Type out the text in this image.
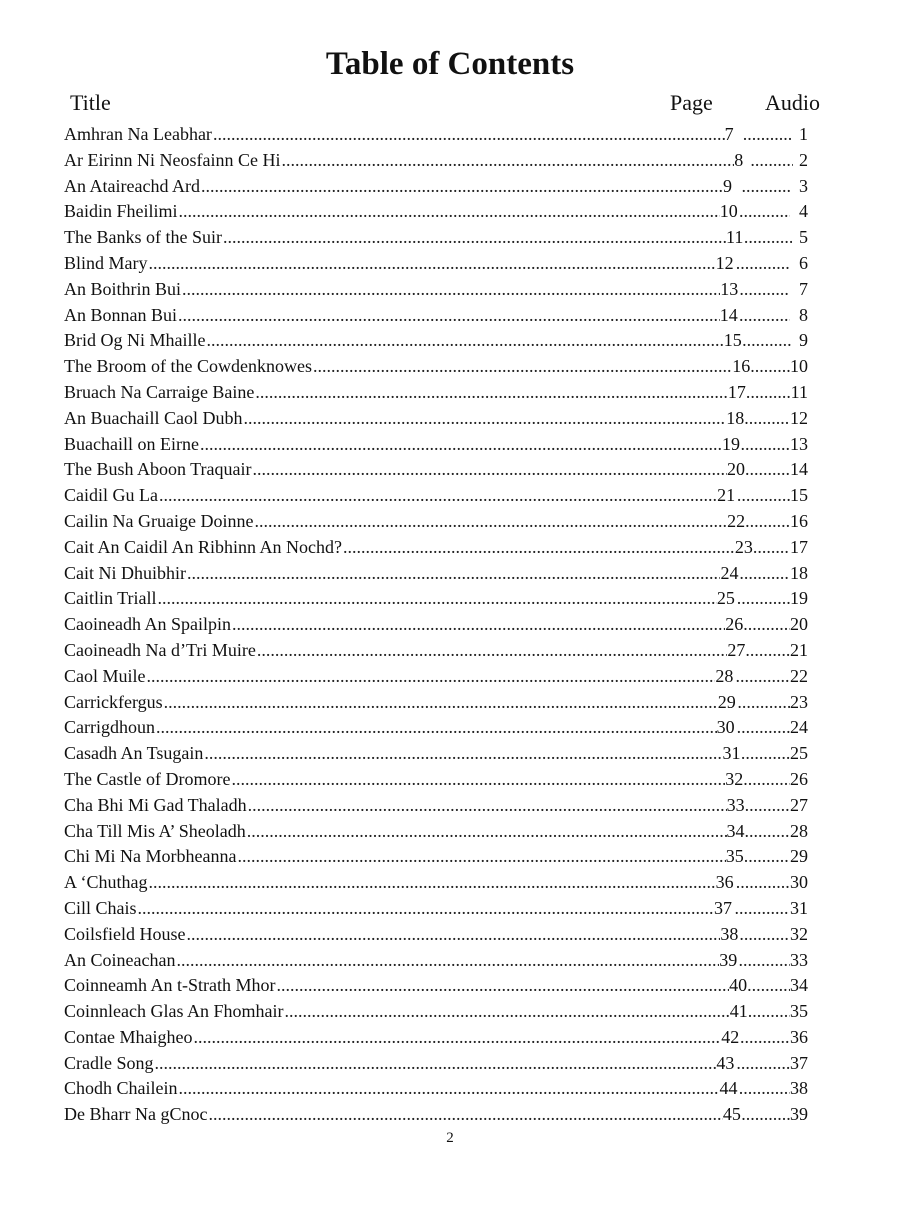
Table of Contents
Title	Page Audio
Amhran Na Leabhar .....	7 .....	1
Ar Eirinn Ni Neosfainn Ce Hi .....	8 .....	2
An Ataireachd Ard .....	9 .....	3
Baidin Fheilimi .....	10 .....	4
The Banks of the Suir .....	11 .....	5
Blind Mary .....	12 .....	6
An Boithrin Bui .....	13 .....	7
An Bonnan Bui .....	14 .....	8
Brid Og Ni Mhaille .....	15 .....	9
The Broom of the Cowdenknowes .....	16 ..... 10
Bruach Na Carraige Baine .....	17 ..... 11
An Buachaill Caol Dubh .....	18 .....	12
Buachaill on Eirne .....	19 .....	13
The Bush Aboon Traquair .....	20 ..... 14
Caidil Gu La .....	21 .....	15
Cailin Na Gruaige Doinne .....	22 ..... 16
Cait An Caidil An Ribhinn An Nochd? .....	23 ..... 17
Cait Ni Dhuibhir .....	24 .....	18
Caitlin Triall .....	25 .....	19
Caoineadh An Spailpin .....	26 .....	20
Caoineadh Na d’Tri Muire .....	27 ..... 21
Caol Muile .....	28 .....	22
Carrickfergus .....	29 .....	23
Carrigdhoun .....	30 .....	24
Casadh An Tsugain .....	31 .....	25
The Castle of Dromore .....	32 .....	26
Cha Bhi Mi Gad Thaladh .....	33 .....	27
Cha Till Mis A’ Sheoladh .....	34 .....	28
Chi Mi Na Morbheanna .....	35 .....	29
A ‘Chuthag .....	36 .....	30
Cill Chais .....	37 .....	31
Coilsfield House .....	38 .....	32
An Coineachan .....	39 .....	33
Coinneamh An t-Strath Mhor .....	40 ..... 34
Coinnleach Glas An Fhomhair .....	41 ..... 35
Contae Mhaigheo .....	42 .....	36
Cradle Song .....	43 .....	37
Chodh Chailein .....	44 .....	38
De Bharr Na gCnoc .....	45 .....	39
2
